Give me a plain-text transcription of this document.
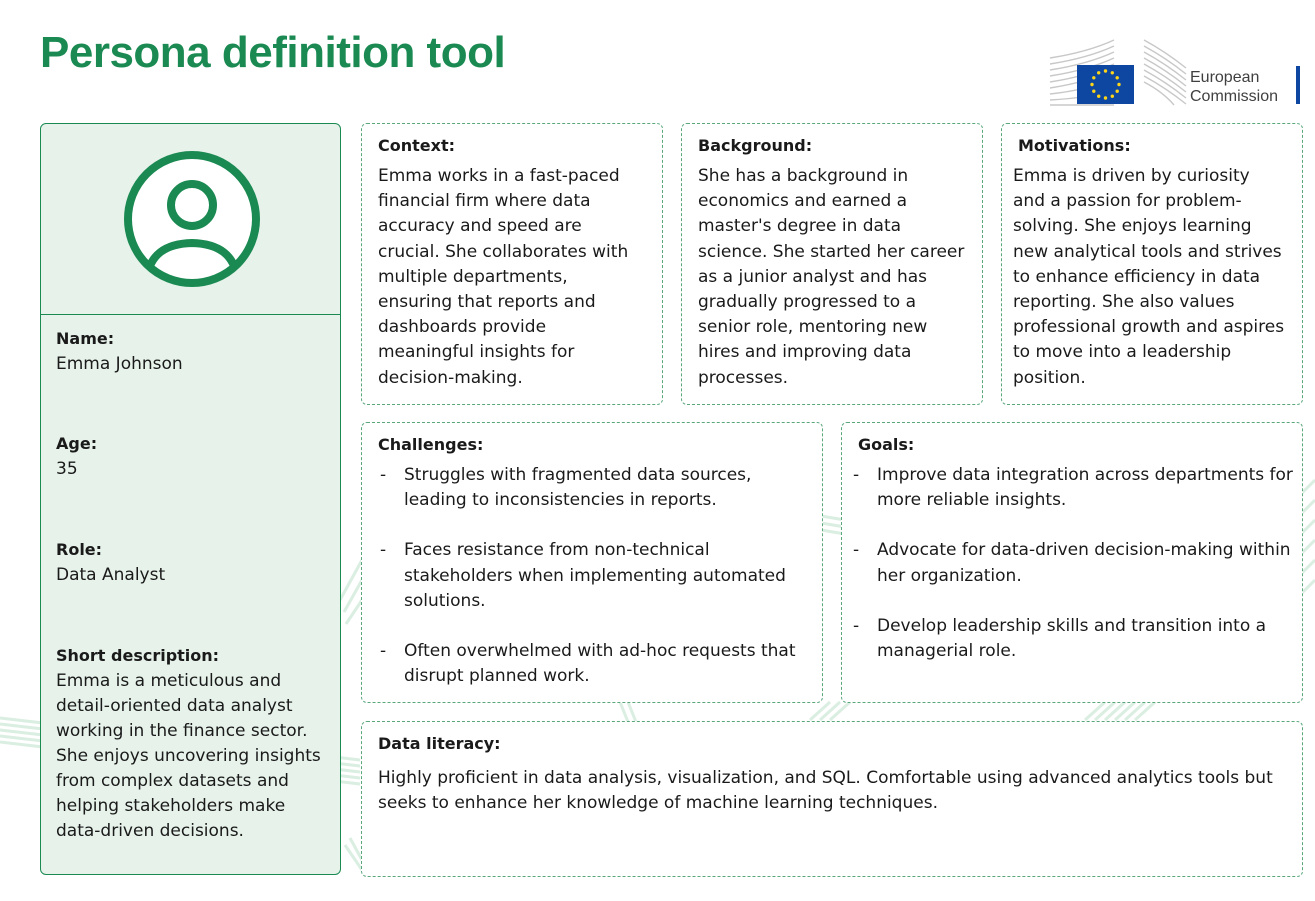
Persona definition tool
European
Commission
Name:
Emma Johnson
Age:
35
Role:
Data Analyst
Short description:
Emma is a meticulous and detail-oriented data analyst working in the finance sector. She enjoys uncovering insights from complex datasets and helping stakeholders make data-driven decisions.
Context:

Emma works in a fast-paced financial firm where data accuracy and speed are crucial. She collaborates with multiple departments, ensuring that reports and dashboards provide meaningful insights for decision-making.

Background:

She has a background in economics and earned a master's degree in data science. She started her career as a junior analyst and has gradually progressed to a senior role, mentoring new hires and improving data processes.

Motivations:

Emma is driven by curiosity and a passion for problem-solving. She enjoys learning new analytical tools and strives to enhance efficiency in data reporting. She also values professional growth and aspires to move into a leadership position.

Challenges:
- Struggles with fragmented data sources, leading to inconsistencies in reports.
- Faces resistance from non-technical stakeholders when implementing automated solutions.
- Often overwhelmed with ad-hoc requests that disrupt planned work.
Goals:
- Improve data integration across departments for more reliable insights.
- Advocate for data-driven decision-making within her organization.
- Develop leadership skills and transition into a managerial role.
Data literacy:

Highly proficient in data analysis, visualization, and SQL. Comfortable using advanced analytics tools but seeks to enhance her knowledge of machine learning techniques.
